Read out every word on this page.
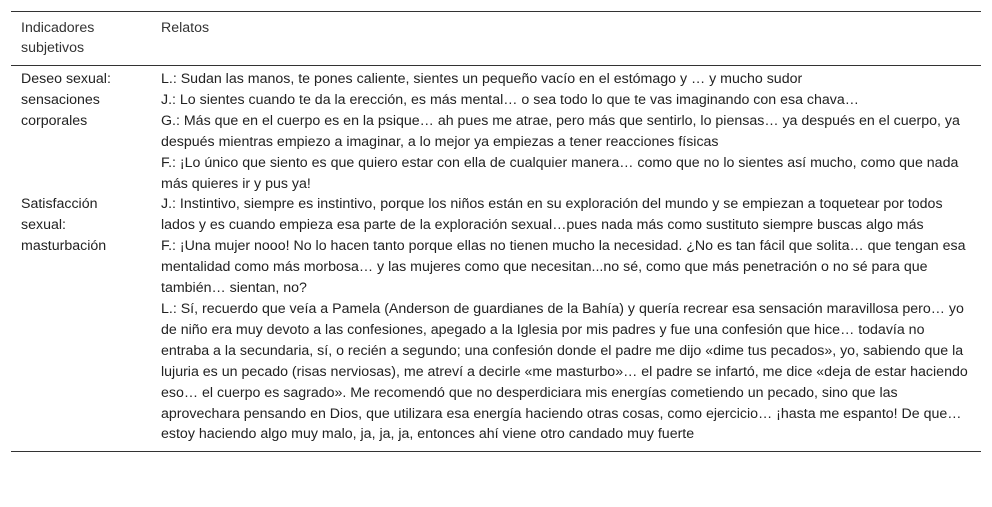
Indicadores subjetivos	Relatos
Deseo sexual: sensaciones corporales	L.: Sudan las manos, te pones caliente, sientes un pequeño vacío en el estómago y … y mucho sudor
J.: Lo sientes cuando te da la erección, es más mental… o sea todo lo que te vas imaginando con esa chava…
G.: Más que en el cuerpo es en la psique… ah pues me atrae, pero más que sentirlo, lo piensas… ya después en el cuerpo, ya después mientras empiezo a imaginar, a lo mejor ya empiezas a tener reacciones físicas
F.: ¡Lo único que siento es que quiero estar con ella de cualquier manera… como que no lo sientes así mucho, como que nada más quieres ir y pus ya!

Satisfacción sexual: masturbación	J.: Instintivo, siempre es instintivo, porque los niños están en su exploración del mundo y se empiezan a toquetear por todos lados y es cuando empieza esa parte de la exploración sexual…pues nada más como sustituto siempre buscas algo más
F.: ¡Una mujer nooo! No lo hacen tanto porque ellas no tienen mucho la necesidad. ¿No es tan fácil que solita… que tengan esa mentalidad como más morbosa… y las mujeres como que necesitan...no sé, como que más penetración o no sé para que también… sientan, no?
L.: Sí, recuerdo que veía a Pamela (Anderson de guardianes de la Bahía) y quería recrear esa sensación maravillosa pero… yo de niño era muy devoto a las confesiones, apegado a la Iglesia por mis padres y fue una confesión que hice… todavía no entraba a la secundaria, sí, o recién a segundo; una confesión donde el padre me dijo «dime tus pecados», yo, sabiendo que la lujuria es un pecado (risas nerviosas), me atreví a decirle «me masturbo»… el padre se infartó, me dice «deja de estar haciendo eso… el cuerpo es sagrado». Me recomendó que no desperdiciara mis energías cometiendo un pecado, sino que las aprovechara pensando en Dios, que utilizara esa energía haciendo otras cosas, como ejercicio… ¡hasta me espanto! De que… estoy haciendo algo muy malo, ja, ja, ja, entonces ahí viene otro candado muy fuerte
